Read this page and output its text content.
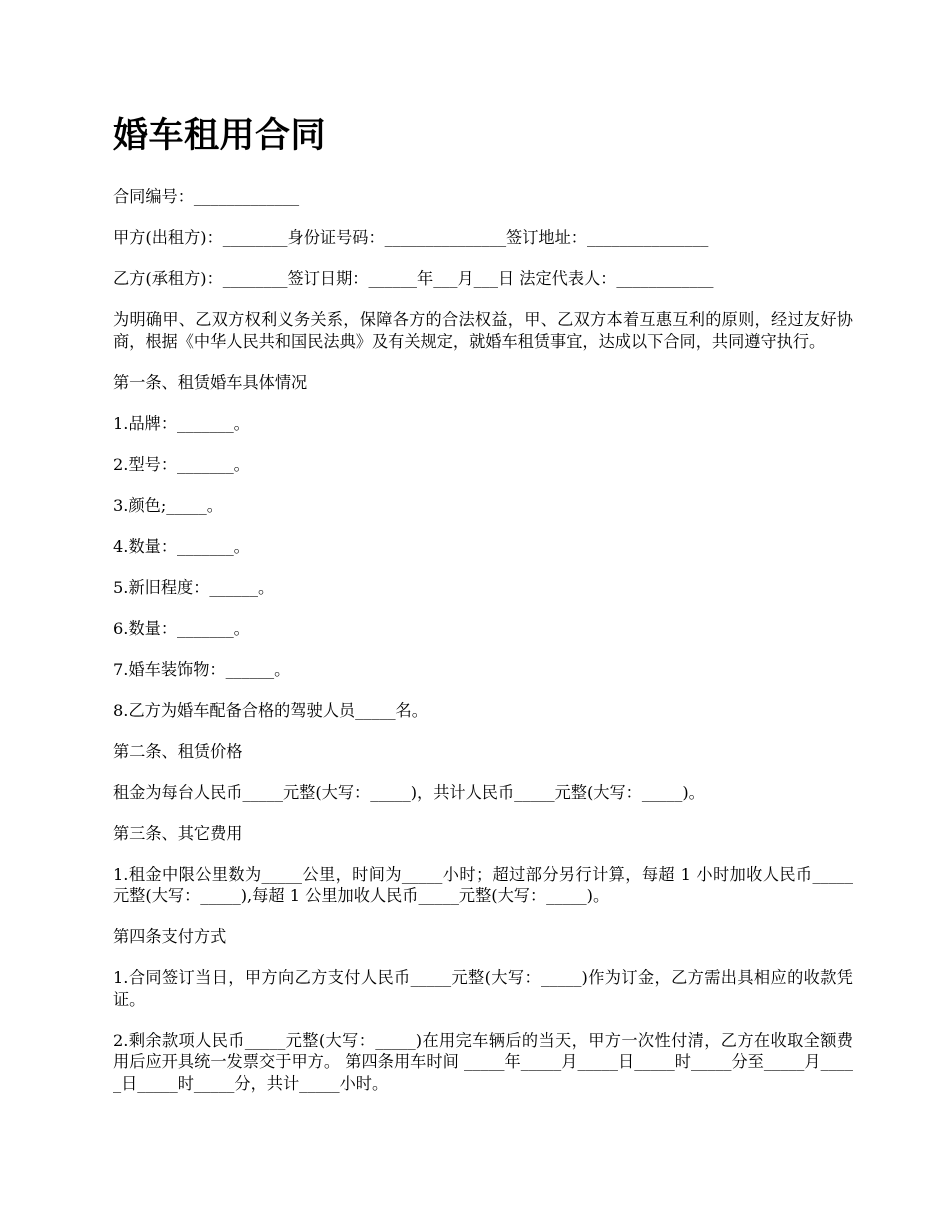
婚车租用合同

合同编号：_____________

甲方(出租方)：________身份证号码：_______________签订地址：_______________

乙方(承租方)：________签订日期：______年___月___日 法定代表人：____________

为明确甲、乙双方权利义务关系，保障各方的合法权益，甲、乙双方本着互惠互利的原则，经过友好协商，根据《中华人民共和国民法典》及有关规定，就婚车租赁事宜，达成以下合同，共同遵守执行。

第一条、租赁婚车具体情况

1.品牌：_______。

2.型号：_______。

3.颜色;_____。

4.数量：_______。

5.新旧程度：______。

6.数量：_______。

7.婚车装饰物：______。

8.乙方为婚车配备合格的驾驶人员_____名。

第二条、租赁价格

租金为每台人民币_____元整(大写：_____)，共计人民币_____元整(大写：_____)。

第三条、其它费用

1.租金中限公里数为_____公里，时间为_____小时；超过部分另行计算，每超 1 小时加收人民币_____元整(大写：_____),每超 1 公里加收人民币_____元整(大写：_____)。

第四条支付方式

1.合同签订当日，甲方向乙方支付人民币_____元整(大写：_____)作为订金，乙方需出具相应的收款凭证。

2.剩余款项人民币_____元整(大写：_____)在用完车辆后的当天，甲方一次性付清，乙方在收取全额费用后应开具统一发票交于甲方。 第四条用车时间 _____年_____月_____日_____时_____分至_____月_____日_____时_____分，共计_____小时。
